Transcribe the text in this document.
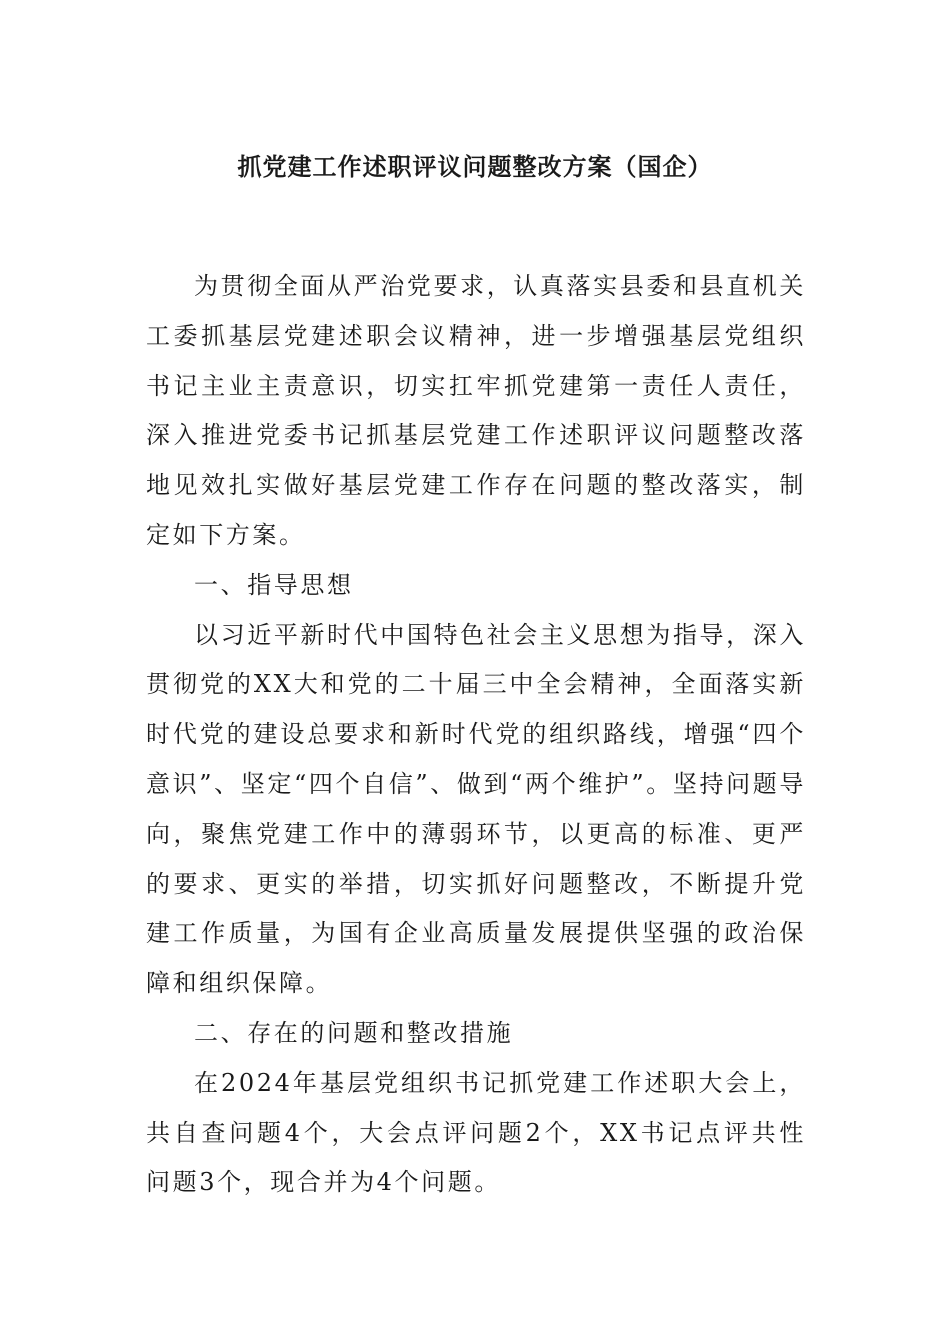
抓党建工作述职评议问题整改方案（国企）

为贯彻全面从严治党要求，认真落实县委和县直机关工委抓基层党建述职会议精神，进一步增强基层党组织书记主业主责意识，切实扛牢抓党建第一责任人责任，深入推进党委书记抓基层党建工作述职评议问题整改落地见效扎实做好基层党建工作存在问题的整改落实，制定如下方案。

一、指导思想

以习近平新时代中国特色社会主义思想为指导，深入贯彻党的XX大和党的二十届三中全会精神，全面落实新时代党的建设总要求和新时代党的组织路线，增强“四个意识”、坚定“四个自信”、做到“两个维护”。坚持问题导向，聚焦党建工作中的薄弱环节，以更高的标准、更严的要求、更实的举措，切实抓好问题整改，不断提升党建工作质量，为国有企业高质量发展提供坚强的政治保障和组织保障。

二、存在的问题和整改措施

在2024年基层党组织书记抓党建工作述职大会上，共自查问题4个，大会点评问题2个，XX书记点评共性问题3个，现合并为4个问题。
